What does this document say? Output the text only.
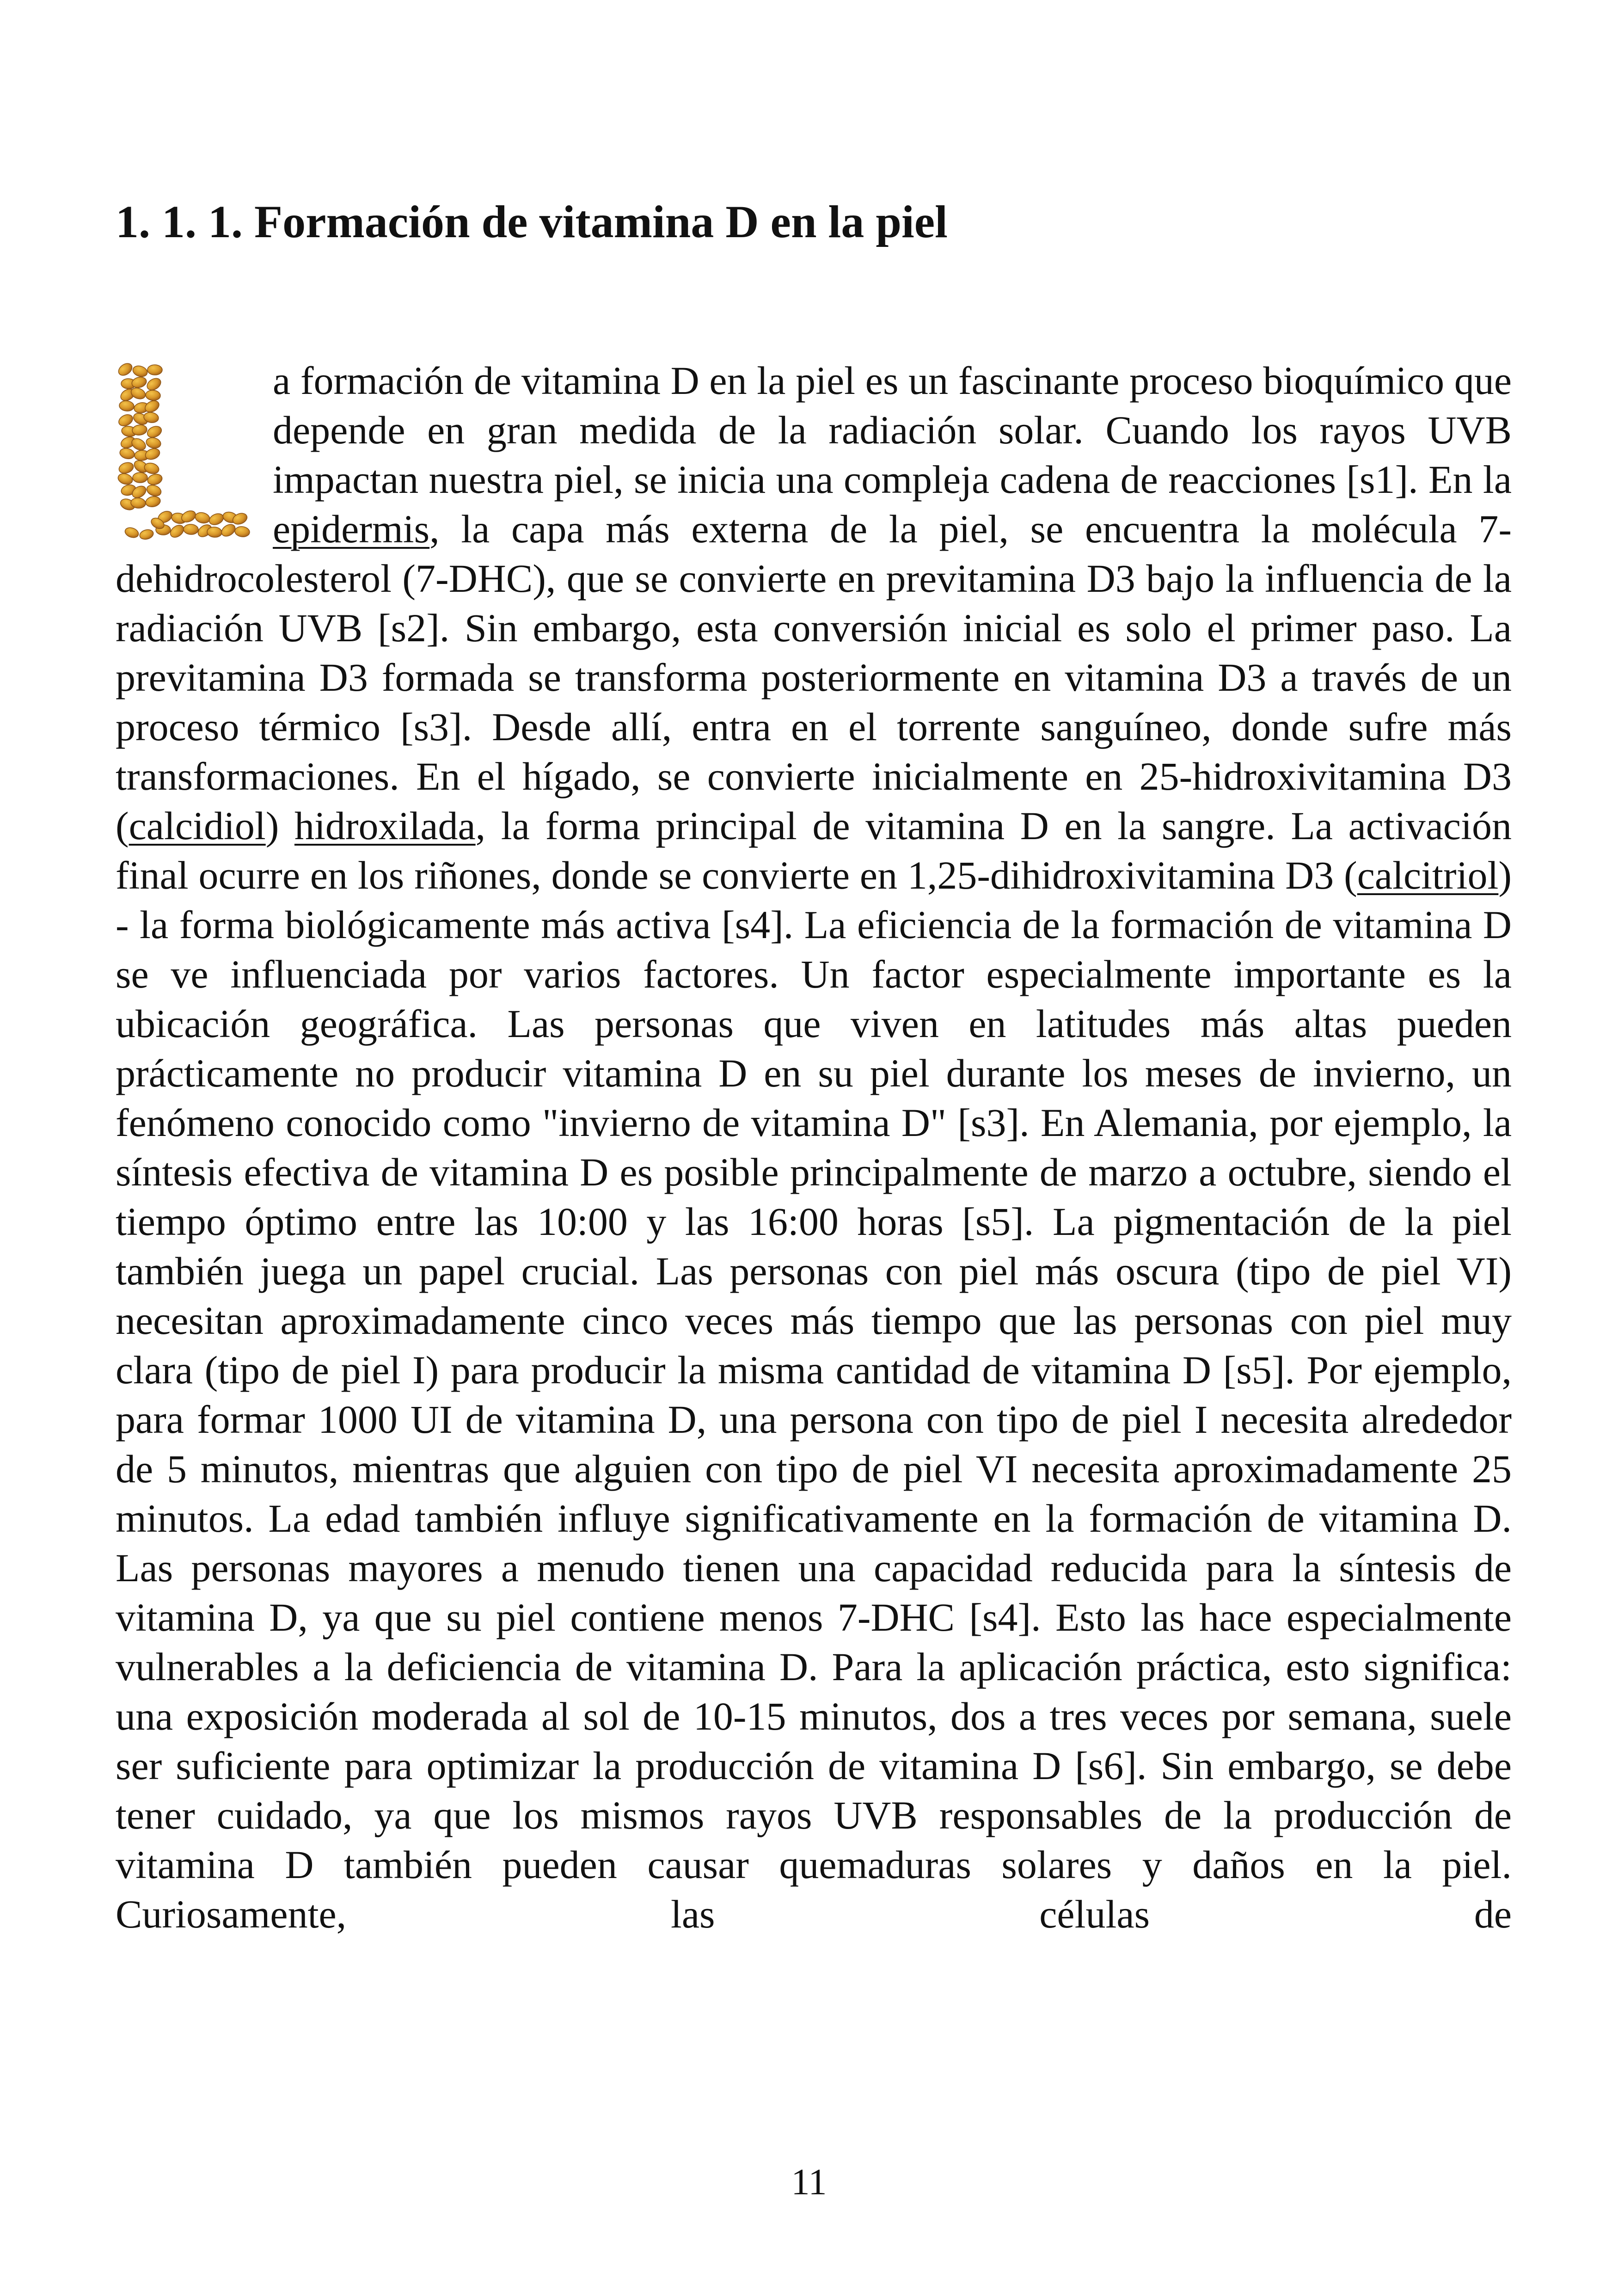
1. 1. 1. Formación de vitamina D en la piel

a formación de vitamina D en la piel es un fascinante proceso bioquímico que depende en gran medida de la radiación solar. Cuando los rayos UVB impactan nuestra piel, se inicia una compleja cadena de reacciones [s1]. En la epidermis, la capa más externa de la piel, se encuentra la molécula 7-dehidrocolesterol (7-DHC), que se convierte en previtamina D3 bajo la influencia de la radiación UVB [s2]. Sin embargo, esta conversión inicial es solo el primer paso. La previtamina D3 formada se transforma posteriormente en vitamina D3 a través de un proceso térmico [s3]. Desde allí, entra en el torrente sanguíneo, donde sufre más transformaciones. En el hígado, se convierte inicialmente en 25-hidroxivitamina D3 (calcidiol) hidroxilada, la forma principal de vitamina D en la sangre. La activación final ocurre en los riñones, donde se convierte en 1,25-dihidroxivitamina D3 (calcitriol) - la forma biológicamente más activa [s4]. La eficiencia de la formación de vitamina D se ve influenciada por varios factores. Un factor especialmente importante es la ubicación geográfica. Las personas que viven en latitudes más altas pueden prácticamente no producir vitamina D en su piel durante los meses de invierno, un fenómeno conocido como "invierno de vitamina D" [s3]. En Alemania, por ejemplo, la síntesis efectiva de vitamina D es posible principalmente de marzo a octubre, siendo el tiempo óptimo entre las 10:00 y las 16:00 horas [s5]. La pigmentación de la piel también juega un papel crucial. Las personas con piel más oscura (tipo de piel VI) necesitan aproximadamente cinco veces más tiempo que las personas con piel muy clara (tipo de piel I) para producir la misma cantidad de vitamina D [s5]. Por ejemplo, para formar 1000 UI de vitamina D, una persona con tipo de piel I necesita alrededor de 5 minutos, mientras que alguien con tipo de piel VI necesita aproximadamente 25 minutos. La edad también influye significativamente en la formación de vitamina D. Las personas mayores a menudo tienen una capacidad reducida para la síntesis de vitamina D, ya que su piel contiene menos 7-DHC [s4]. Esto las hace especialmente vulnerables a la deficiencia de vitamina D. Para la aplicación práctica, esto significa: una exposición moderada al sol de 10-15 minutos, dos a tres veces por semana, suele ser suficiente para optimizar la producción de vitamina D [s6]. Sin embargo, se debe tener cuidado, ya que los mismos rayos UVB responsables de la producción de vitamina D también pueden causar quemaduras solares y daños en la piel. Curiosamente, las células de

11
